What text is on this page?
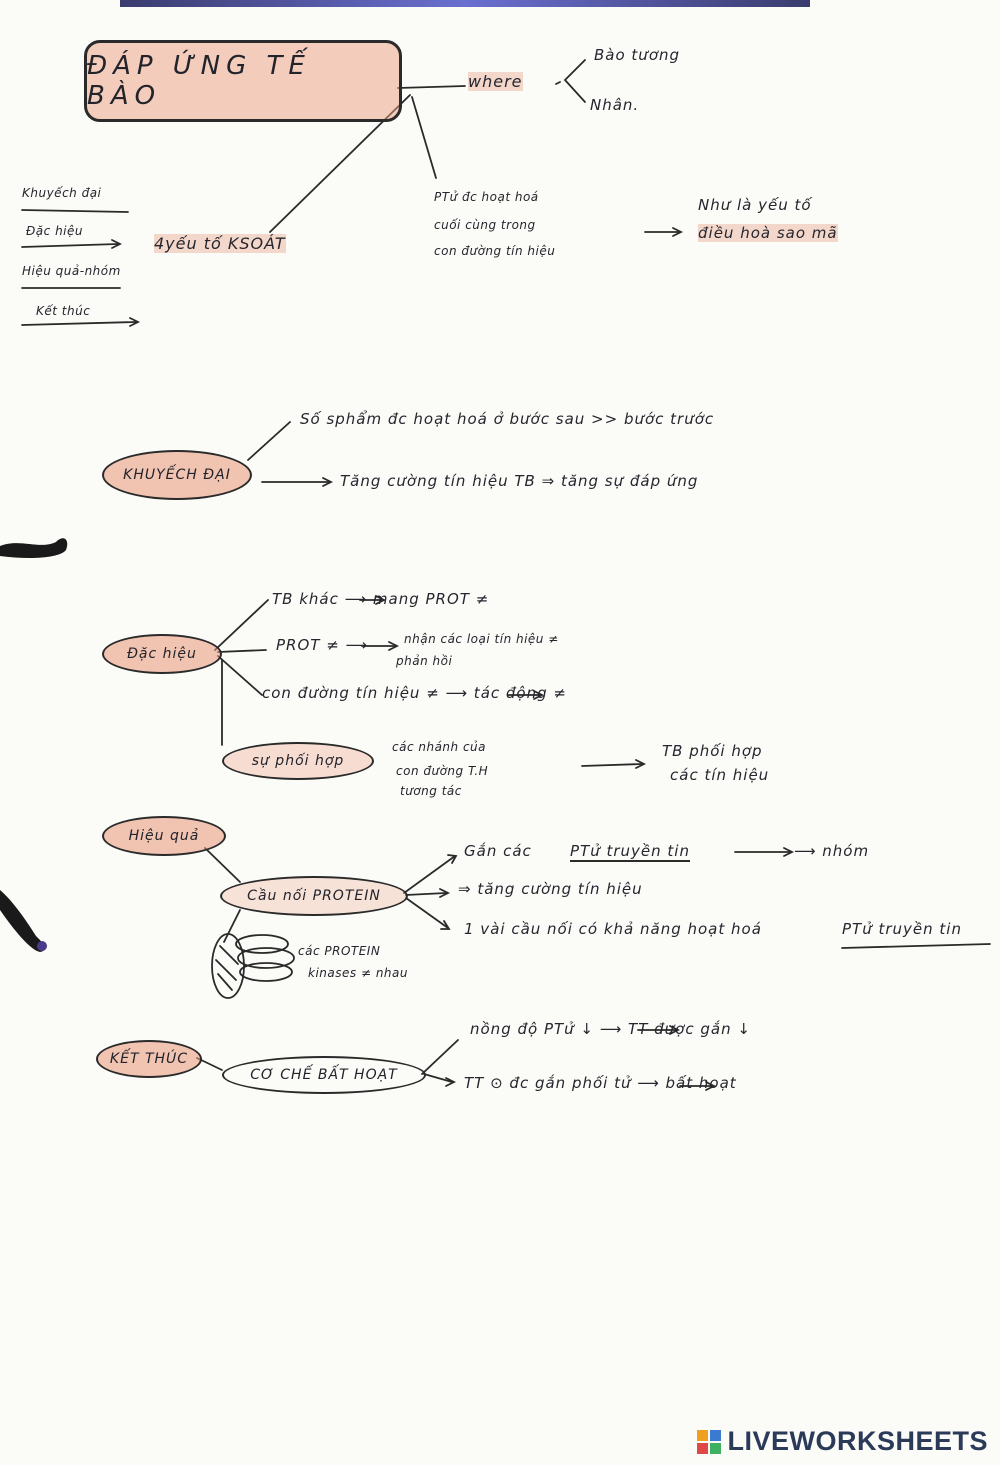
ĐÁP ỨNG TẾ BÀO	where
Bào tương
Nhân.
Khuyếch đại
Đặc hiệu
Hiệu quả-nhóm
Kết thúc
4yếu tố KSOÁT
PTử đc hoạt hoá
cuối cùng trong
con đường tín hiệu
Như là yếu tố
điều hoà sao mã
KHUYẾCH ĐẠI
Số sphẩm đc hoạt hoá ở bước sau >> bước trước
Tăng cường tín hiệu TB ⇒ tăng sự đáp ứng
Đặc hiệu
TB khác ⟶ mang PROT ≠
PROT ≠ ⟶	nhận các loại tín hiệu ≠
phản hồi
con đường tín hiệu ≠ ⟶ tác động ≠
sự phối hợp
các nhánh của
con đường T.H
tương tác
TB phối hợp
các tín hiệu
Hiệu quả
Cầu nối PROTEIN
Gắn các	PTử truyền tin	⟶ nhóm
⇒ tăng cường tín hiệu
1 vài cầu nối có khả năng hoạt hoá	PTử truyền tin
các PROTEIN
kinases ≠ nhau
KẾT THÚC
CƠ CHẾ BẤT HOẠT
nồng độ PTử ↓ ⟶ TT được gắn ↓
TT ⊙ đc gắn phối tử ⟶ bất hoạt
LIVEWORKSHEETS
